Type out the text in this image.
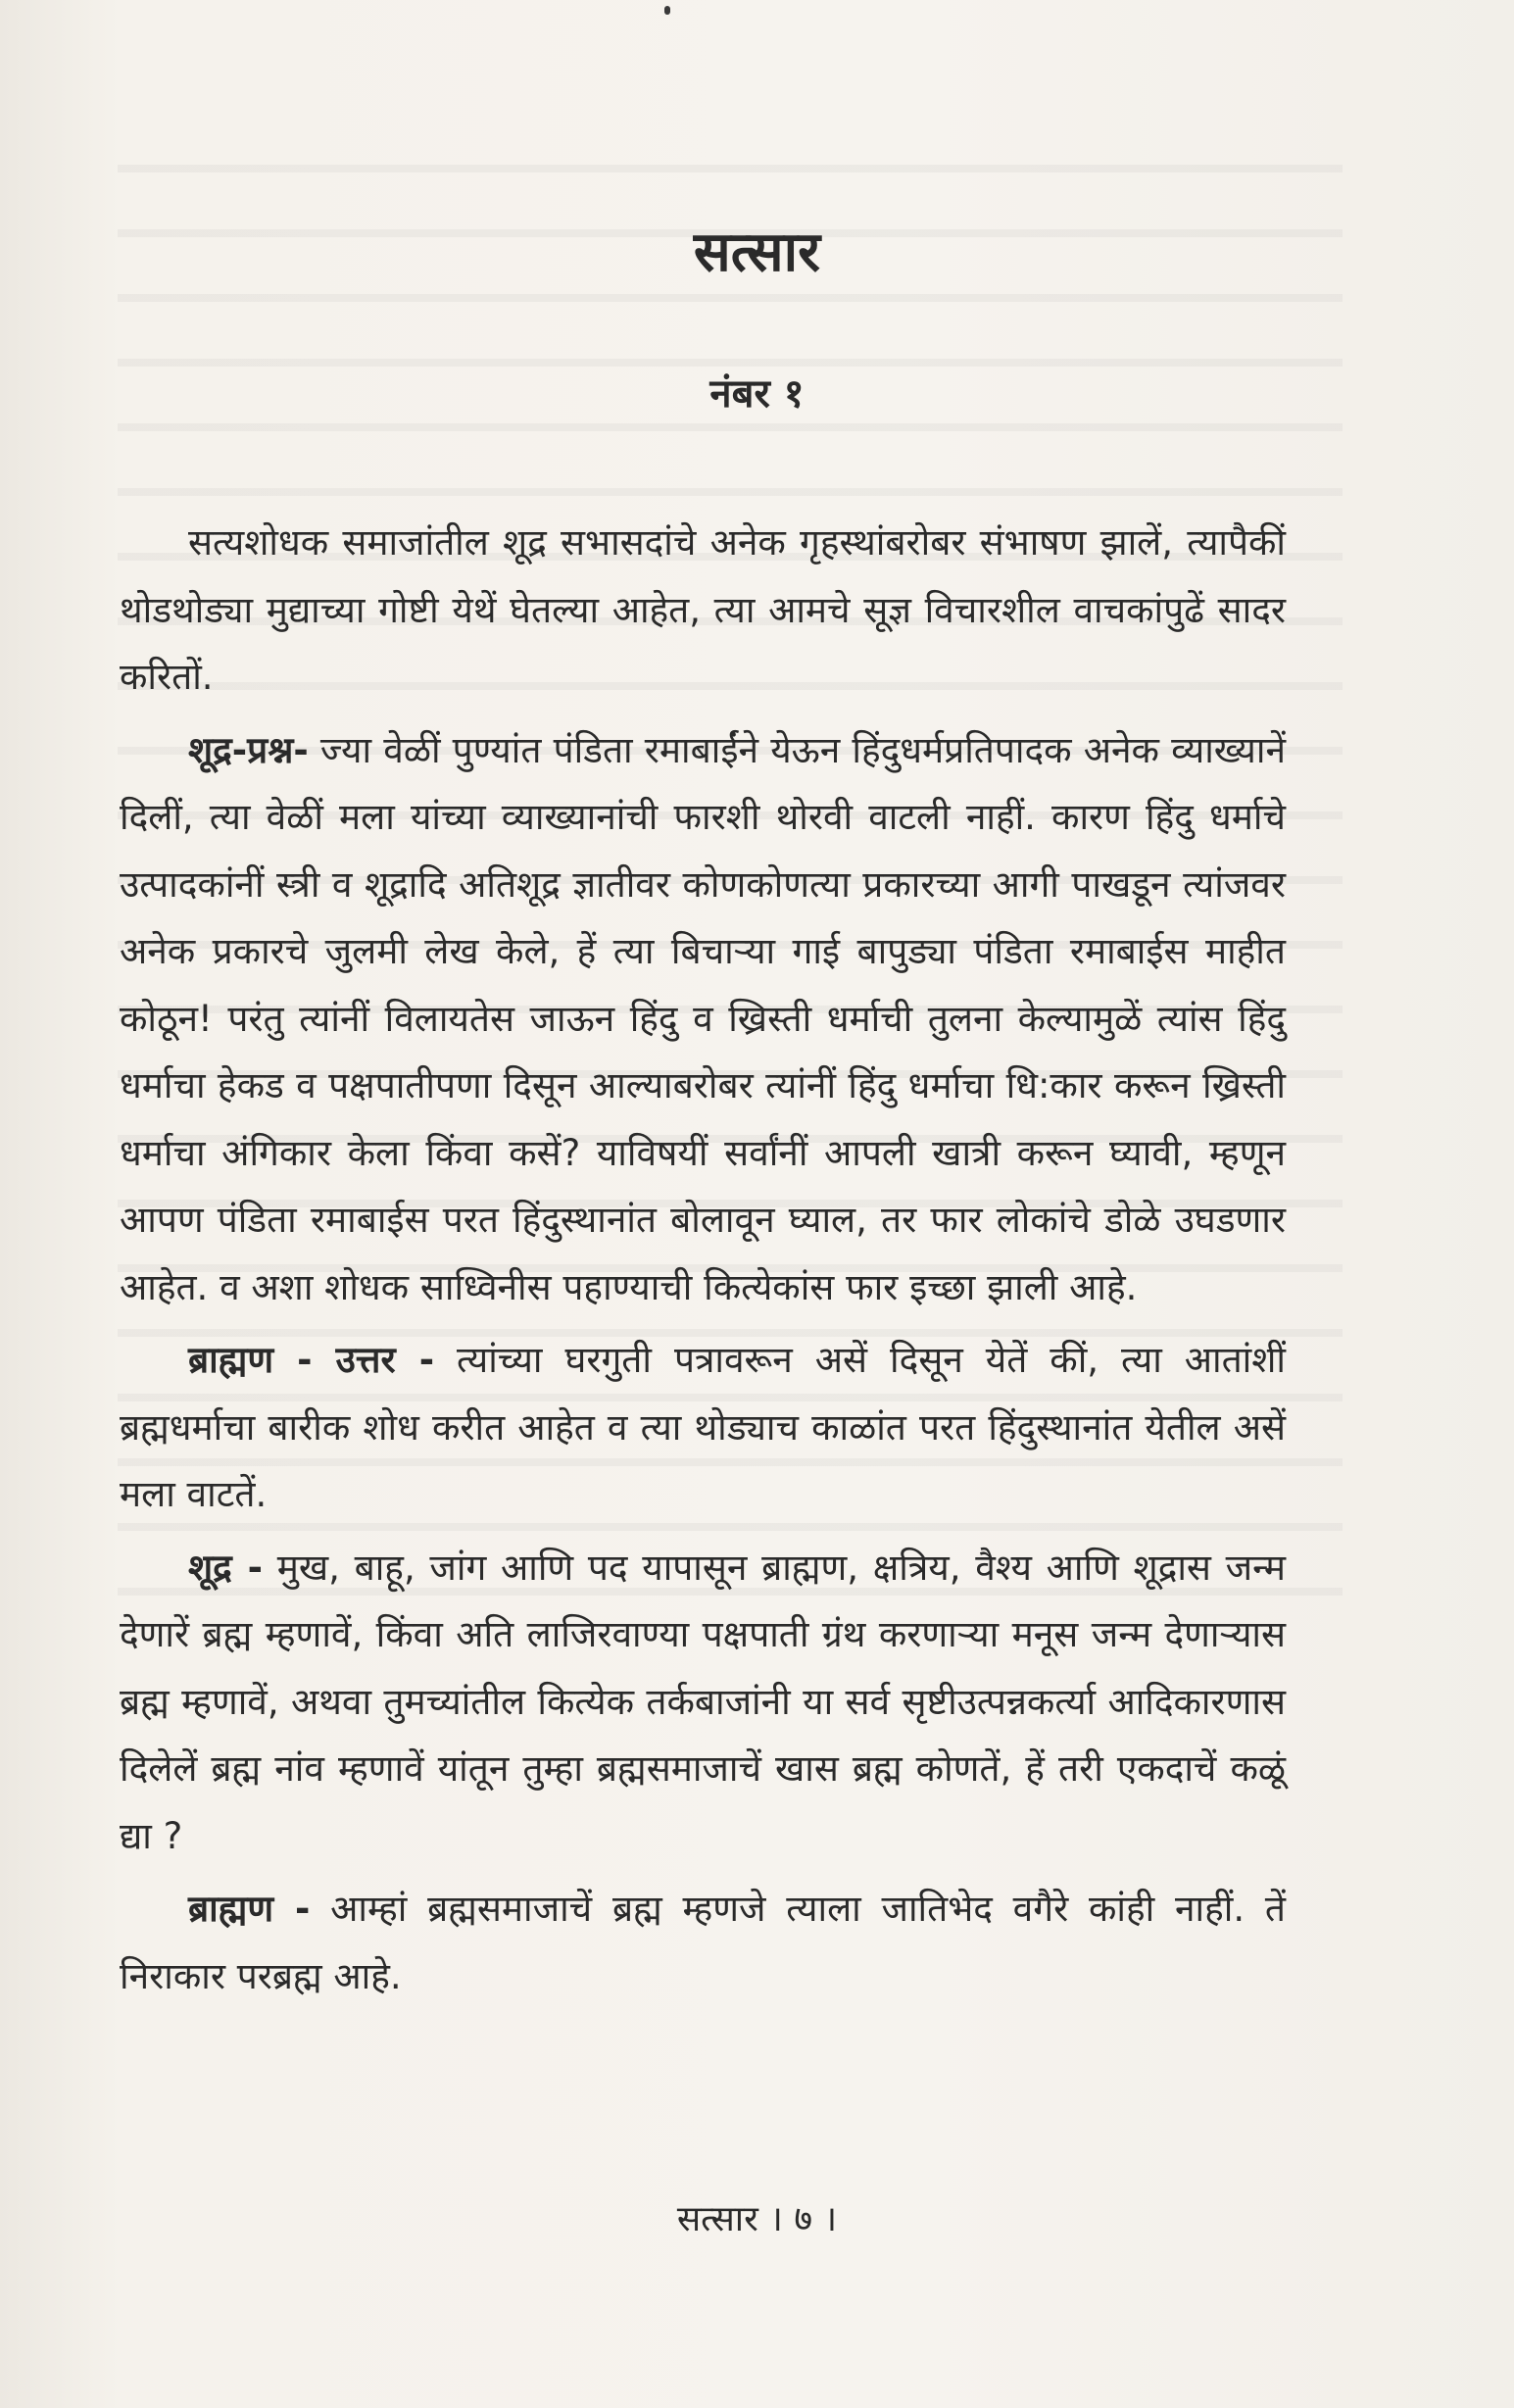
सत्सार
नंबर १

सत्यशोधक समाजांतील शूद्र सभासदांचे अनेक गृहस्थांबरोबर संभाषण झालें, त्यापैकीं थोडथोड्या मुद्याच्या गोष्टी येथें घेतल्या आहेत, त्या आमचे सूज्ञ विचारशील वाचकांपुढें सादर करितों.

शूद्र-प्रश्न- ज्या वेळीं पुण्यांत पंडिता रमाबाईंने येऊन हिंदुधर्मप्रतिपादक अनेक व्याख्यानें दिलीं, त्या वेळीं मला यांच्या व्याख्यानांची फारशी थोरवी वाटली नाहीं. कारण हिंदु धर्माचे उत्पादकांनीं स्त्री व शूद्रादि अतिशूद्र ज्ञातीवर कोणकोणत्या प्रकारच्या आगी पाखडून त्यांजवर अनेक प्रकारचे जुलमी लेख केले, हें त्या बिचाऱ्या गाई बापुड्या पंडिता रमाबाईस माहीत कोठून! परंतु त्यांनीं विलायतेस जाऊन हिंदु व ख्रिस्ती धर्माची तुलना केल्यामुळें त्यांस हिंदु धर्माचा हेकड व पक्षपातीपणा दिसून आल्याबरोबर त्यांनीं हिंदु धर्माचा धि:कार करून ख्रिस्ती धर्माचा अंगिकार केला किंवा कसें? याविषयीं सर्वांनीं आपली खात्री करून घ्यावी, म्हणून आपण पंडिता रमाबाईस परत हिंदुस्थानांत बोलावून घ्याल, तर फार लोकांचे डोळे उघडणार आहेत. व अशा शोधक साध्विनीस पहाण्याची कित्येकांस फार इच्छा झाली आहे.

ब्राह्मण - उत्तर - त्यांच्या घरगुती पत्रावरून असें दिसून येतें कीं, त्या आतांशीं ब्रह्मधर्माचा बारीक शोध करीत आहेत व त्या थोड्याच काळांत परत हिंदुस्थानांत येतील असें मला वाटतें.

शूद्र - मुख, बाहू, जांग आणि पद यापासून ब्राह्मण, क्षत्रिय, वैश्य आणि शूद्रास जन्म देणारें ब्रह्म म्हणावें, किंवा अति लाजिरवाण्या पक्षपाती ग्रंथ करणाऱ्या मनूस जन्म देणाऱ्यास ब्रह्म म्हणावें, अथवा तुमच्यांतील कित्येक तर्कबाजांनी या सर्व सृष्टीउत्पन्नकर्त्या आदिकारणास दिलेलें ब्रह्म नांव म्हणावें यांतून तुम्हा ब्रह्मसमाजाचें खास ब्रह्म कोणतें, हें तरी एकदाचें कळूं द्या ?

ब्राह्मण - आम्हां ब्रह्मसमाजाचें ब्रह्म म्हणजे त्याला जातिभेद वगैरे कांही नाहीं. तें निराकार परब्रह्म आहे.

सत्सार । ७ ।
